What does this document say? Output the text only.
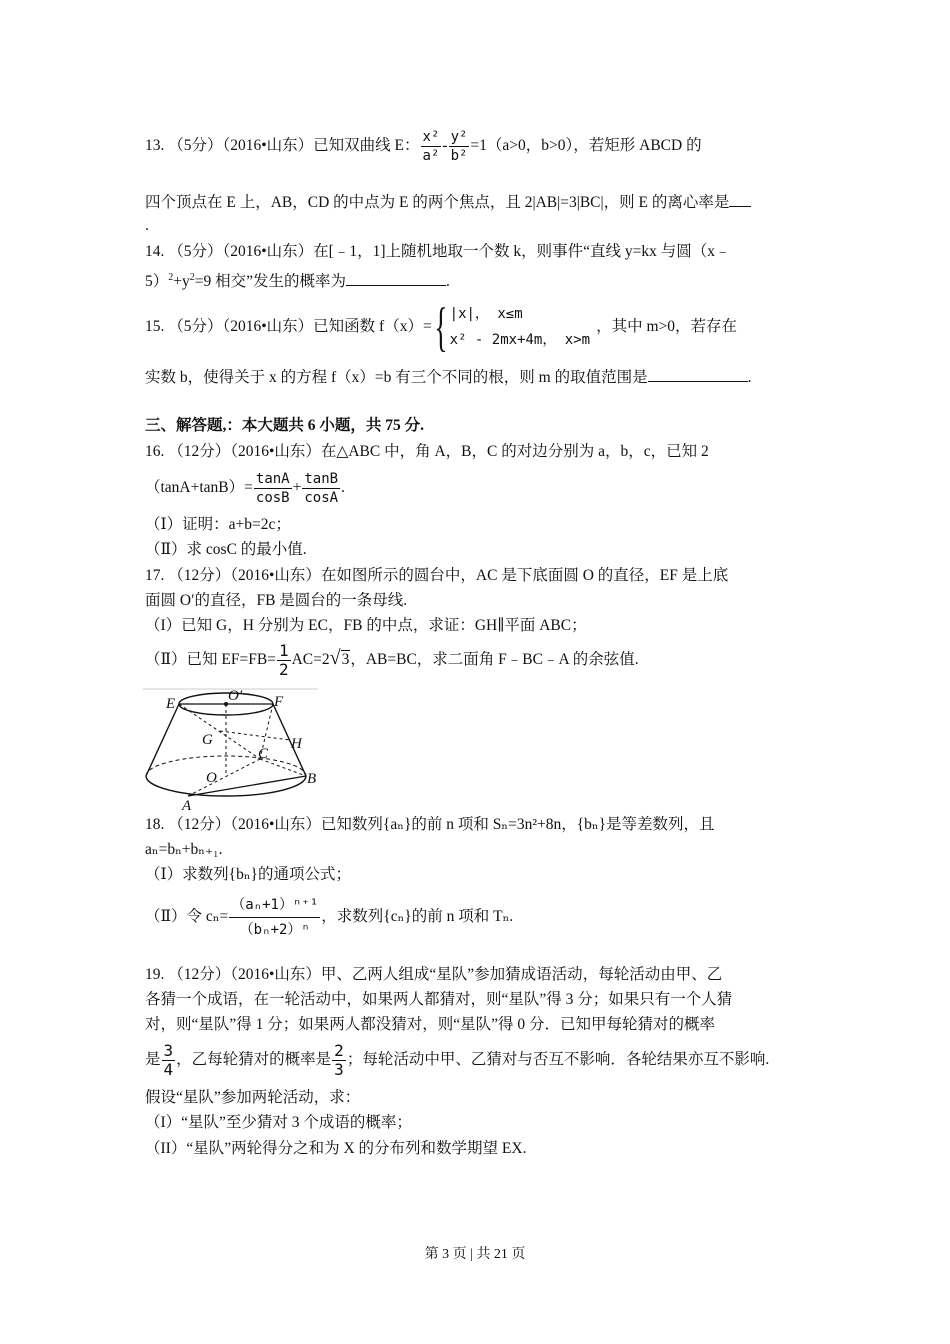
13. （5分）（2016•山东）已知双曲线 E： $\frac{\text{x²}}{\text{a²}} - \frac{\text{y²}}{\text{b²}} =1(a>0$，b>0），若矩形 ABCD 的
四个顶点在 E 上，AB，CD 的中点为 E 的两个焦点，且 2|AB|=3|BC|，则 E 的离心率是
.
14. （5分）（2016•山东）在[﹣1，1]上随机地取一个数 k，则事件“直线 y=kx 与圆（x﹣
$5)^2+y^2=9$ 相交”发生的概率为	.
15. （5分）（2016•山东）已知函数 f（x）= { |x|， x≤m
x² - 2mx+4m， x>m
，其中 m>0，若存在
实数 b，使得关于 x 的方程 f（x）=b 有三个不同的根，则 m 的取值范围是	.
三、解答题,：本大题共 6 小题，共 75 分.
16. （12分）（2016•山东）在△ABC 中，角 A，B，C 的对边分别为 a，b，c，已知 2
$(\tan A+\tan B)= \frac{\tan A}{\cos B} + \frac{\tan B}{\cos A}$ .
（Ⅰ）证明：a+b=2c；
（Ⅱ）求 cosC 的最小值.
17. （12分）（2016•山东）在如图所示的圆台中，AC 是下底面圆 O 的直径，EF 是上底
面圆 O′的直径，FB 是圆台的一条母线.
（I）已知 G，H 分别为 EC，FB 的中点，求证：GH∥平面 ABC；
（Ⅱ）已知 $EF=FB= \frac{1}{2} AC=2√3$，AB=BC，求二面角 F﹣BC﹣A 的余弦值.
E	O′ F
G	H
C
O	B
A
18. （12分）（2016•山东）已知数列{aₙ}的前 n 项和 Sₙ=3n²+8n，{bₙ}是等差数列，且
aₙ=bₙ+bₙ₊₁.
（Ⅰ）求数列{bₙ}的通项公式；
（Ⅱ）令 $c_n= \frac{\text{（aₙ+1）ⁿ⁺¹}}{\text{（bₙ+2）ⁿ}}$ ，求数列{cₙ}的前 n 项和 Tₙ.
19. （12分）（2016•山东）甲、乙两人组成“星队”参加猜成语活动，每轮活动由甲、乙
各猜一个成语，在一轮活动中，如果两人都猜对，则“星队”得 3 分；如果只有一个人猜
对，则“星队”得 1 分；如果两人都没猜对，则“星队”得 0 分．已知甲每轮猜对的概率
是 $\frac{3}{4}$ ，乙每轮猜对的概率是 $\frac{2}{3}$ ；每轮活动中甲、乙猜对与否互不影响．各轮结果亦互不影响.
假设“星队”参加两轮活动，求：
（I）“星队”至少猜对 3 个成语的概率；
（II）“星队”两轮得分之和为 X 的分布列和数学期望 EX.
第 3 页 | 共 21 页
